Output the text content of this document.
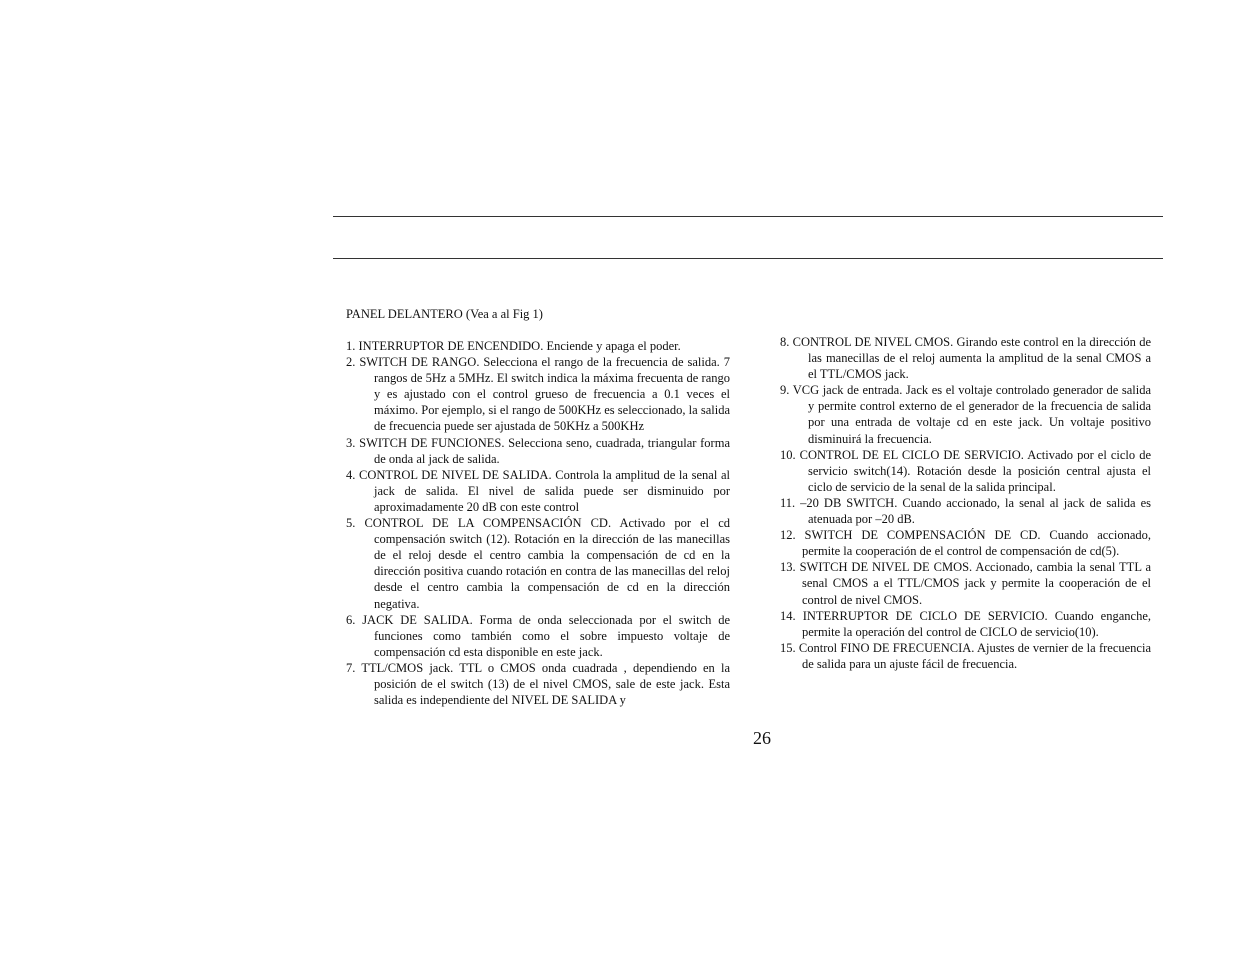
PANEL DELANTERO (Vea a al Fig 1)

1. INTERRUPTOR DE ENCENDIDO. Enciende y apaga el poder.

2. SWITCH DE RANGO. Selecciona el rango de la frecuencia de salida. 7 rangos de 5Hz a 5MHz. El switch indica la máxima frecuenta de rango y es ajustado con el control grueso de frecuencia a 0.1 veces el máximo. Por ejemplo, si el rango de 500KHz es seleccionado, la salida de frecuencia puede ser ajustada de 50KHz a 500KHz

3. SWITCH DE FUNCIONES. Selecciona seno, cuadrada, triangular forma de onda al jack de salida.

4. CONTROL DE NIVEL DE SALIDA. Controla la amplitud de la senal al jack de salida. El nivel de salida puede ser disminuido por aproximadamente 20 dB con este control

5. CONTROL DE LA COMPENSACIÓN CD. Activado por el cd compensación switch (12). Rotación en la dirección de las manecillas de el reloj desde el centro cambia la compensación de cd en la dirección positiva cuando rotación en contra de las manecillas del reloj desde el centro cambia la compensación de cd en la dirección negativa.

6. JACK DE SALIDA. Forma de onda seleccionada por el switch de funciones como también como el sobre impuesto voltaje de compensación cd esta disponible en este jack.

7. TTL/CMOS jack. TTL o CMOS onda cuadrada , dependiendo en la posición de el switch (13) de el nivel CMOS, sale de este jack. Esta salida es independiente del NIVEL DE SALIDA y

26

8. CONTROL DE NIVEL CMOS. Girando este control en la dirección de las manecillas de el reloj aumenta la amplitud de la senal CMOS a el TTL/CMOS jack.

9. VCG jack de entrada. Jack es el voltaje controlado generador de salida y permite control externo de el generador de la frecuencia de salida por una entrada de voltaje cd en este jack. Un voltaje positivo disminuirá la frecuencia.

10. CONTROL DE EL CICLO DE SERVICIO. Activado por el ciclo de servicio switch(14). Rotación desde la posición central ajusta el ciclo de servicio de la senal de la salida principal.

11. –20 DB SWITCH. Cuando accionado, la senal al jack de salida es atenuada por –20 dB.

12. SWITCH DE COMPENSACIÓN DE CD. Cuando accionado, permite la cooperación de el control de compensación de cd(5).

13. SWITCH DE NIVEL DE CMOS. Accionado, cambia la senal TTL a senal CMOS a el TTL/CMOS jack y permite la cooperación de el control de nivel CMOS.

14. INTERRUPTOR DE CICLO DE SERVICIO. Cuando enganche, permite la operación del control de CICLO de servicio(10).

15. Control FINO DE FRECUENCIA. Ajustes de vernier de la frecuencia de salida para un ajuste fácil de frecuencia.
